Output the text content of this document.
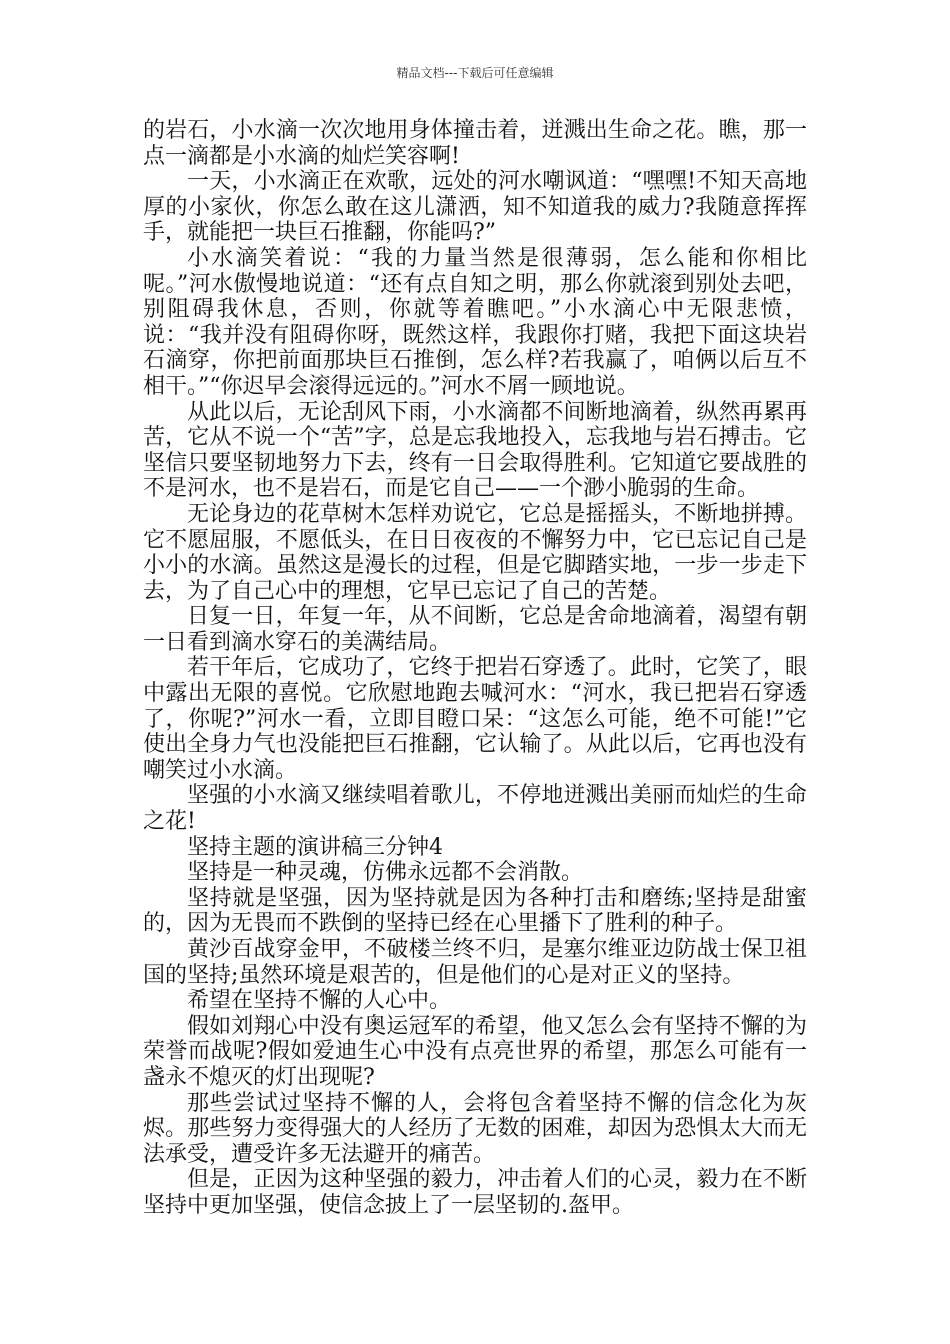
精品文档---下载后可任意编辑

的岩石，小水滴一次次地用身体撞击着，迸溅出生命之花。瞧，那一点一滴都是小水滴的灿烂笑容啊!

一天，小水滴正在欢歌，远处的河水嘲讽道：“嘿嘿!不知天高地厚的小家伙，你怎么敢在这儿潇洒，知不知道我的威力?我随意挥挥手，就能把一块巨石推翻，你能吗?”

小水滴笑着说：“我的力量当然是很薄弱，怎么能和你相比呢。”河水傲慢地说道：“还有点自知之明，那么你就滚到别处去吧，别阻碍我休息，否则，你就等着瞧吧。”小水滴心中无限悲愤，说：“我并没有阻碍你呀，既然这样，我跟你打赌，我把下面这块岩石滴穿，你把前面那块巨石推倒，怎么样?若我赢了，咱俩以后互不相干。”“你迟早会滚得远远的。”河水不屑一顾地说。

从此以后，无论刮风下雨，小水滴都不间断地滴着，纵然再累再苦，它从不说一个“苦”字，总是忘我地投入，忘我地与岩石搏击。它坚信只要坚韧地努力下去，终有一日会取得胜利。它知道它要战胜的不是河水，也不是岩石，而是它自己——一个渺小脆弱的生命。

无论身边的花草树木怎样劝说它，它总是摇摇头，不断地拼搏。它不愿屈服，不愿低头，在日日夜夜的不懈努力中，它已忘记自己是小小的水滴。虽然这是漫长的过程，但是它脚踏实地，一步一步走下去，为了自己心中的理想，它早已忘记了自己的苦楚。

日复一日，年复一年，从不间断，它总是舍命地滴着，渴望有朝一日看到滴水穿石的美满结局。

若干年后，它成功了，它终于把岩石穿透了。此时，它笑了，眼中露出无限的喜悦。它欣慰地跑去喊河水：“河水，我已把岩石穿透了，你呢?”河水一看，立即目瞪口呆：“这怎么可能，绝不可能!”它使出全身力气也没能把巨石推翻，它认输了。从此以后，它再也没有嘲笑过小水滴。

坚强的小水滴又继续唱着歌儿，不停地迸溅出美丽而灿烂的生命之花!

坚持主题的演讲稿三分钟4

坚持是一种灵魂，仿佛永远都不会消散。

坚持就是坚强，因为坚持就是因为各种打击和磨练;坚持是甜蜜的，因为无畏而不跌倒的坚持已经在心里播下了胜利的种子。

黄沙百战穿金甲，不破楼兰终不归，是塞尔维亚边防战士保卫祖国的坚持;虽然环境是艰苦的，但是他们的心是对正义的坚持。

希望在坚持不懈的人心中。

假如刘翔心中没有奥运冠军的希望，他又怎么会有坚持不懈的为荣誉而战呢?假如爱迪生心中没有点亮世界的希望，那怎么可能有一盏永不熄灭的灯出现呢?

那些尝试过坚持不懈的人，会将包含着坚持不懈的信念化为灰烬。那些努力变得强大的人经历了无数的困难，却因为恐惧太大而无法承受，遭受许多无法避开的痛苦。

但是，正因为这种坚强的毅力，冲击着人们的心灵，毅力在不断坚持中更加坚强，使信念披上了一层坚韧的.盔甲。
